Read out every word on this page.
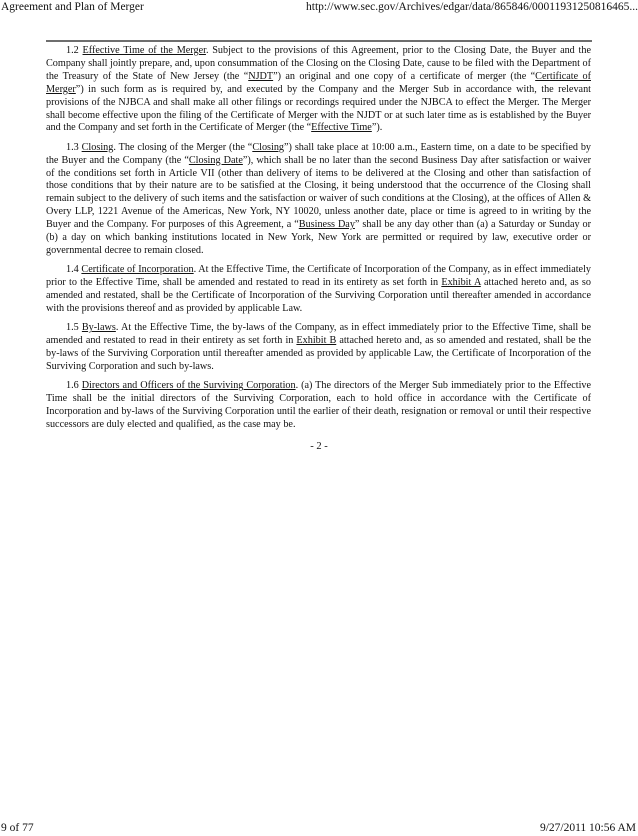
Agreement and Plan of Merger	http://www.sec.gov/Archives/edgar/data/865846/00011931250816465...

1.2 Effective Time of the Merger. Subject to the provisions of this Agreement, prior to the Closing Date, the Buyer and the Company shall jointly prepare, and, upon consummation of the Closing on the Closing Date, cause to be filed with the Department of the Treasury of the State of New Jersey (the “NJDT”) an original and one copy of a certificate of merger (the “Certificate of Merger”) in such form as is required by, and executed by the Company and the Merger Sub in accordance with, the relevant provisions of the NJBCA and shall make all other filings or recordings required under the NJBCA to effect the Merger. The Merger shall become effective upon the filing of the Certificate of Merger with the NJDT or at such later time as is established by the Buyer and the Company and set forth in the Certificate of Merger (the “Effective Time”).

1.3 Closing. The closing of the Merger (the “Closing”) shall take place at 10:00 a.m., Eastern time, on a date to be specified by the Buyer and the Company (the “Closing Date”), which shall be no later than the second Business Day after satisfaction or waiver of the conditions set forth in Article VII (other than delivery of items to be delivered at the Closing and other than satisfaction of those conditions that by their nature are to be satisfied at the Closing, it being understood that the occurrence of the Closing shall remain subject to the delivery of such items and the satisfaction or waiver of such conditions at the Closing), at the offices of Allen & Overy LLP, 1221 Avenue of the Americas, New York, NY 10020, unless another date, place or time is agreed to in writing by the Buyer and the Company. For purposes of this Agreement, a “Business Day” shall be any day other than (a) a Saturday or Sunday or (b) a day on which banking institutions located in New York, New York are permitted or required by law, executive order or governmental decree to remain closed.

1.4 Certificate of Incorporation. At the Effective Time, the Certificate of Incorporation of the Company, as in effect immediately prior to the Effective Time, shall be amended and restated to read in its entirety as set forth in Exhibit A attached hereto and, as so amended and restated, shall be the Certificate of Incorporation of the Surviving Corporation until thereafter amended in accordance with the provisions thereof and as provided by applicable Law.

1.5 By-laws. At the Effective Time, the by-laws of the Company, as in effect immediately prior to the Effective Time, shall be amended and restated to read in their entirety as set forth in Exhibit B attached hereto and, as so amended and restated, shall be the by-laws of the Surviving Corporation until thereafter amended as provided by applicable Law, the Certificate of Incorporation of the Surviving Corporation and such by-laws.

1.6 Directors and Officers of the Surviving Corporation. (a) The directors of the Merger Sub immediately prior to the Effective Time shall be the initial directors of the Surviving Corporation, each to hold office in accordance with the Certificate of Incorporation and by-laws of the Surviving Corporation until the earlier of their death, resignation or removal or until their respective successors are duly elected and qualified, as the case may be.

- 2 -
9 of 77	9/27/2011 10:56 AM
